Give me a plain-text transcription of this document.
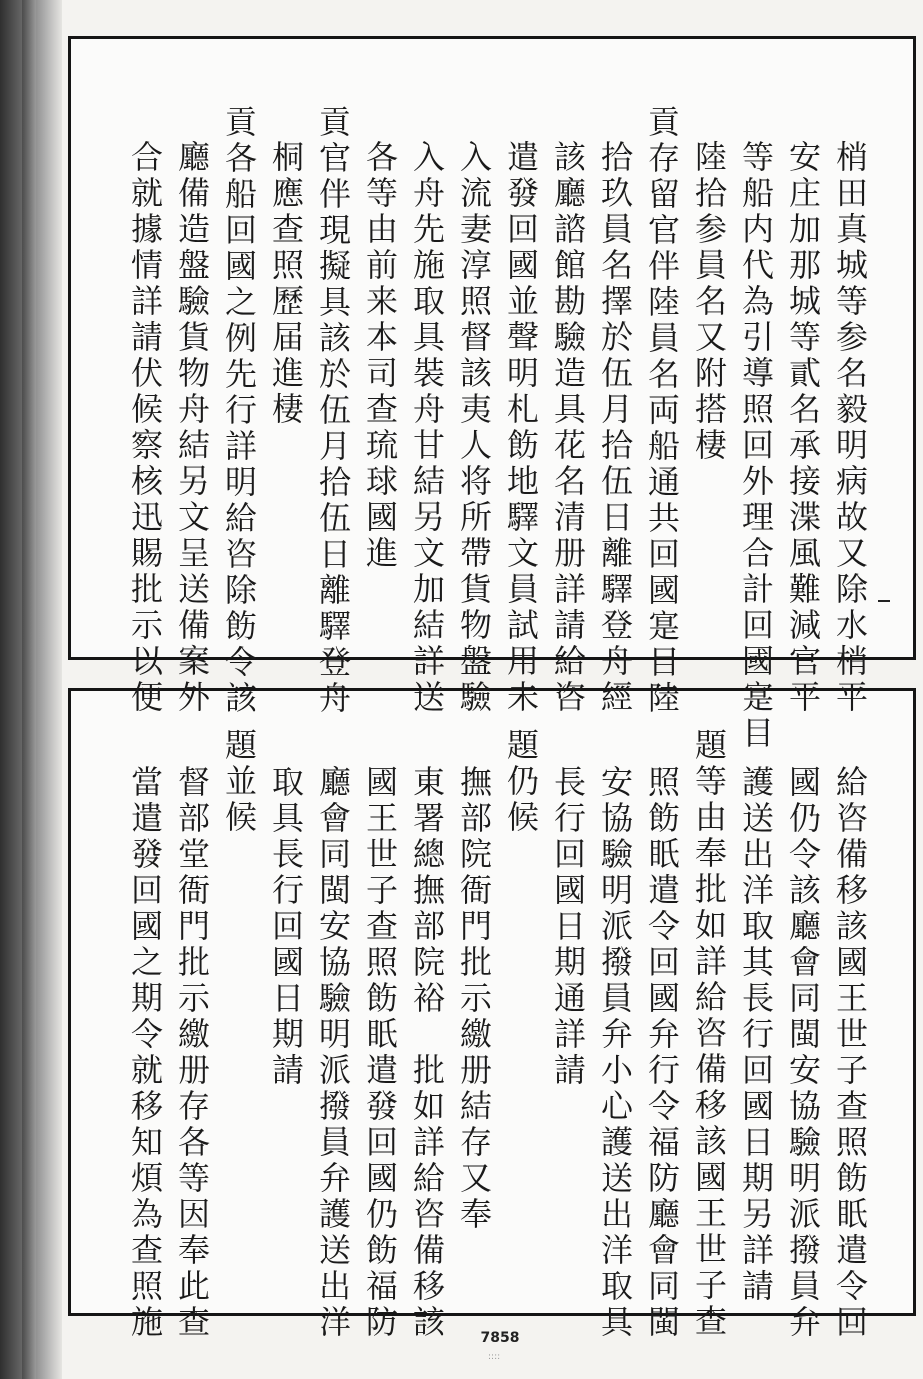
梢田真城等参名毅明病故又除水梢平
安庄加那城等貳名承接渫風難減官平
等船内代為引導照回外理合計回國寔目
陸拾参員名又附搭棲
貢存留官伴陸員名両船通共回國寔目陸
拾玖員名擇於伍月拾伍日離驛登舟經
該廳諮館勘驗造具花名清册詳請給咨
遣發回國並聲明札飭地驛文員試用未
入流妻淳照督該夷人将所帶貨物盤驗
入舟先施取具裝舟甘結另文加結詳送
各等由前来本司查琉球國進
貢官伴現擬具該於伍月拾伍日離驛登舟
桐應查照歷届進棲
貢各船回國之例先行詳明給咨除飭令該
廳備造盤驗貨物舟結另文呈送備案外
合就據情詳請伏候察核迅賜批示以便
給咨備移該國王世子查照飭眂遣令回
國仍令該廳會同閩安協驗明派撥員弁
護送出洋取其長行回國日期另詳請
題等由奉批如詳給咨備移該國王世子查
照飭眂遣令回國弁行令福防廳會同閩
安協驗明派撥員弁小心護送出洋取具
長行回國日期通詳請
題仍候
撫部院衙門批示繳册結存又奉
東署總撫部院裕　批如詳給咨備移該
國王世子查照飭眂遣發回國仍飭福防
廳會同閩安協驗明派撥員弁護送出洋
取具長行回國日期請
題並候
督部堂衙門批示繳册存各等因奉此查
當遣發回國之期令就移知煩為查照施	7858
::::
